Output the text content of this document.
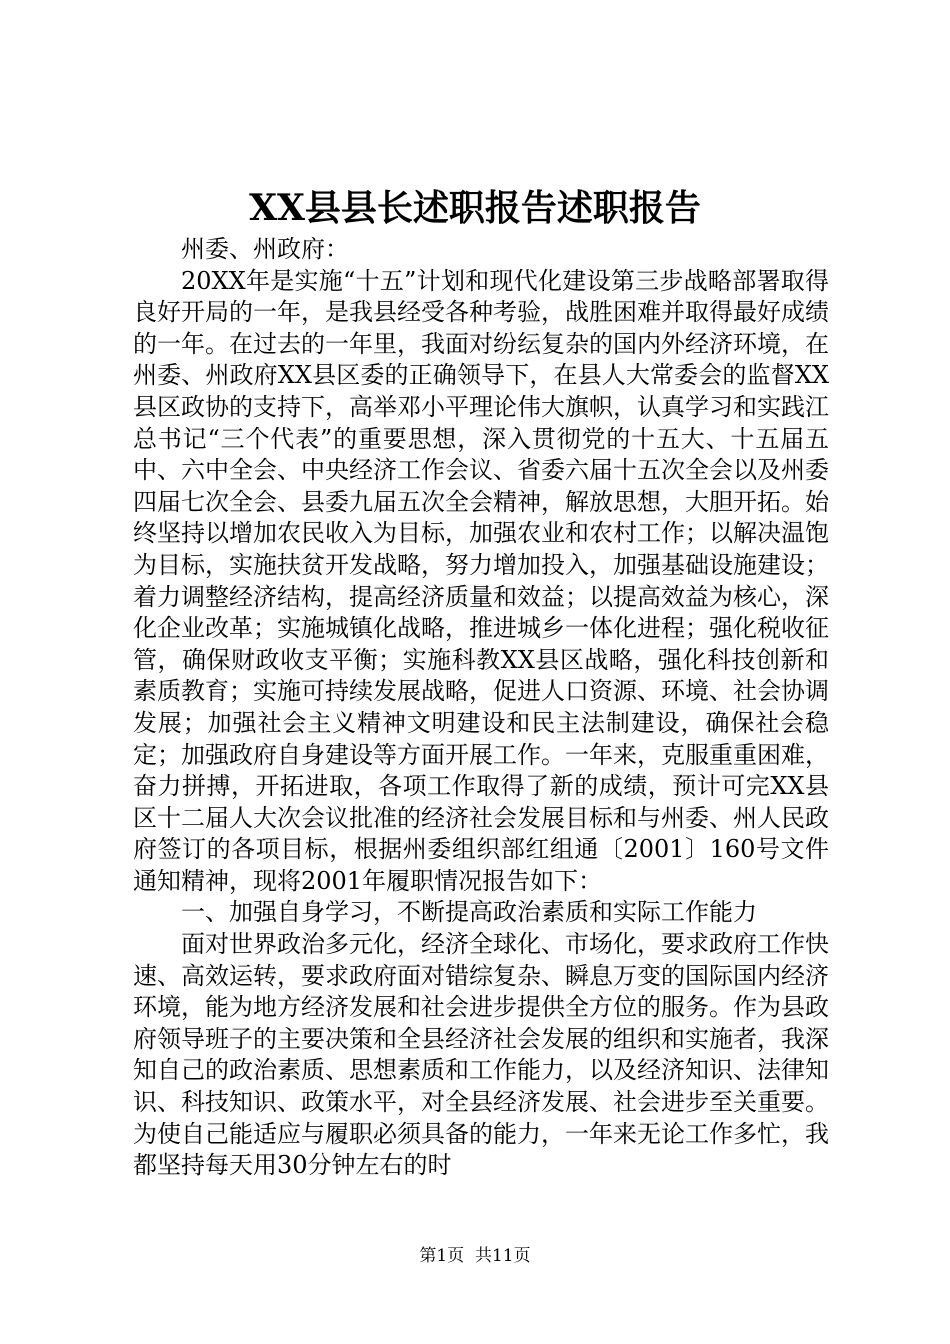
XX县县长述职报告述职报告

州委、州政府：

20XX年是实施“十五”计划和现代化建设第三步战略部署取得良好开局的一年，是我县经受各种考验，战胜困难并取得最好成绩的一年。在过去的一年里，我面对纷纭复杂的国内外经济环境，在州委、州政府XX县区委的正确领导下，在县人大常委会的监督XX县区政协的支持下，高举邓小平理论伟大旗帜，认真学习和实践江总书记“三个代表”的重要思想，深入贯彻党的十五大、十五届五中、六中全会、中央经济工作会议、省委六届十五次全会以及州委四届七次全会、县委九届五次全会精神，解放思想，大胆开拓。始终坚持以增加农民收入为目标，加强农业和农村工作；以解决温饱为目标，实施扶贫开发战略，努力增加投入，加强基础设施建设；着力调整经济结构，提高经济质量和效益；以提高效益为核心，深化企业改革；实施城镇化战略，推进城乡一体化进程；强化税收征管，确保财政收支平衡；实施科教XX县区战略，强化科技创新和素质教育；实施可持续发展战略，促进人口资源、环境、社会协调发展；加强社会主义精神文明建设和民主法制建设，确保社会稳定；加强政府自身建设等方面开展工作。一年来，克服重重困难，奋力拼搏，开拓进取，各项工作取得了新的成绩，预计可完XX县区十二届人大次会议批准的经济社会发展目标和与州委、州人民政府签订的各项目标，根据州委组织部红组通〔2001〕160号文件通知精神，现将2001年履职情况报告如下：

一、加强自身学习，不断提高政治素质和实际工作能力

面对世界政治多元化，经济全球化、市场化，要求政府工作快速、高效运转，要求政府面对错综复杂、瞬息万变的国际国内经济环境，能为地方经济发展和社会进步提供全方位的服务。作为县政府领导班子的主要决策和全县经济社会发展的组织和实施者，我深知自己的政治素质、思想素质和工作能力，以及经济知识、法律知识、科技知识、政策水平，对全县经济发展、社会进步至关重要。为使自己能适应与履职必须具备的能力，一年来无论工作多忙，我都坚持每天用30分钟左右的时

第1页  共11页
